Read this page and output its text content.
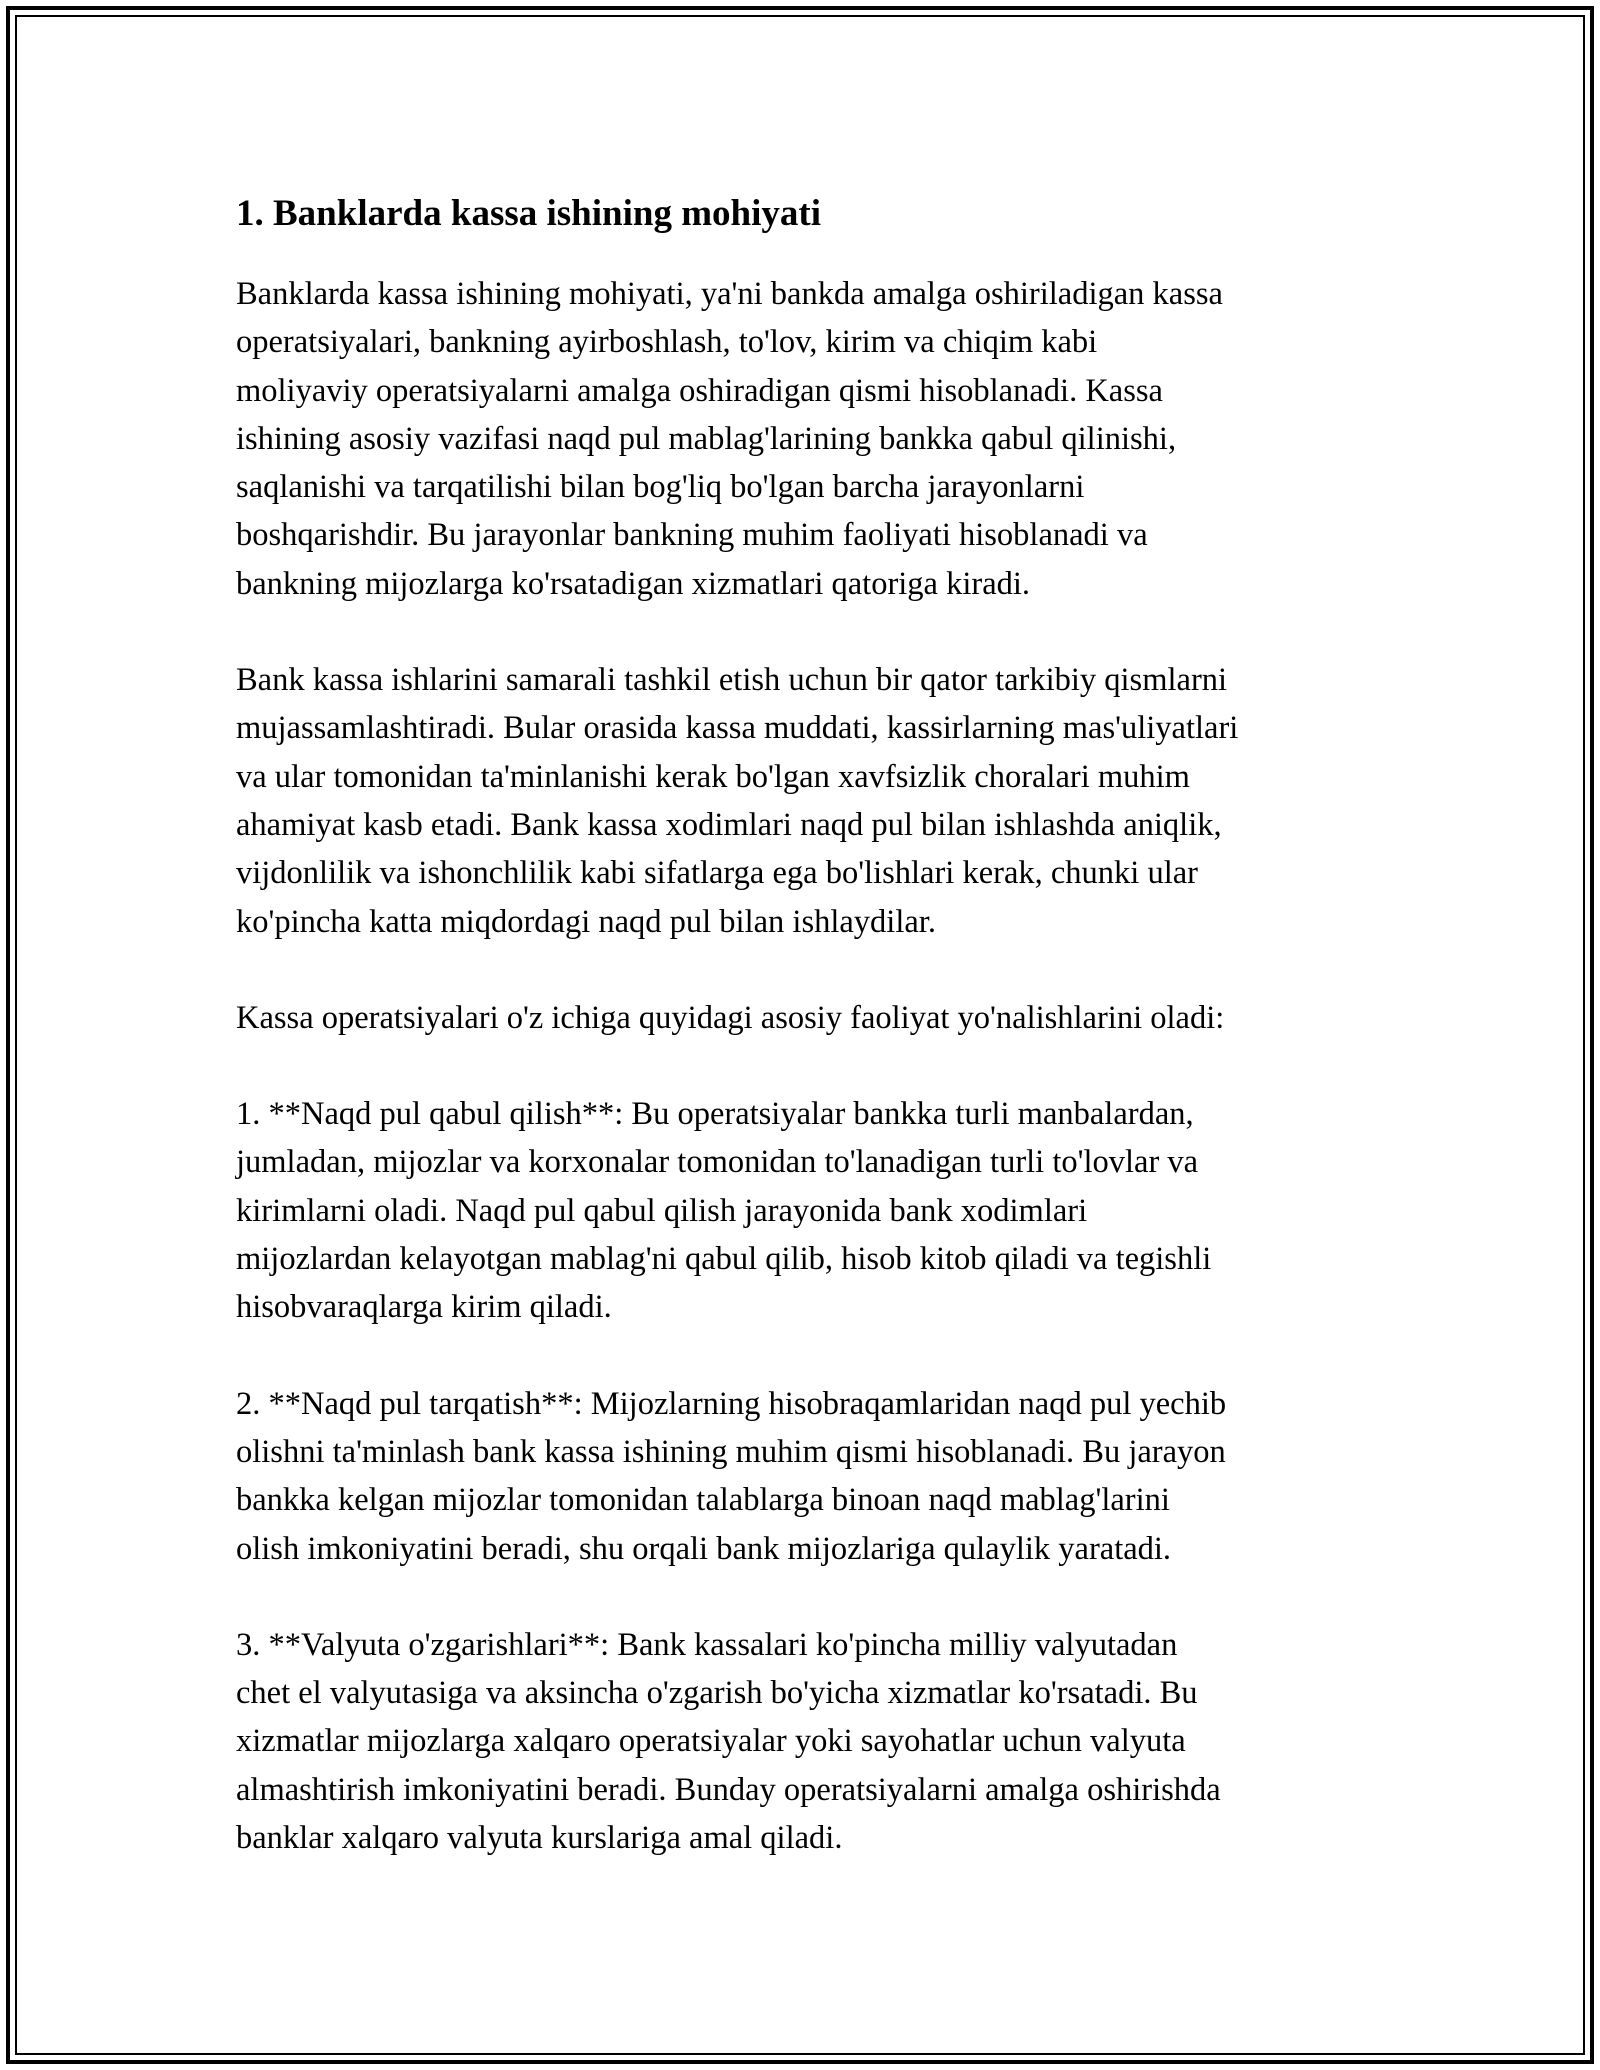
1. Banklarda kassa ishining mohiyati

Banklarda kassa ishining mohiyati, ya'ni bankda amalga oshiriladigan kassa
operatsiyalari, bankning ayirboshlash, to'lov, kirim va chiqim kabi
moliyaviy operatsiyalarni amalga oshiradigan qismi hisoblanadi. Kassa
ishining asosiy vazifasi naqd pul mablag'larining bankka qabul qilinishi,
saqlanishi va tarqatilishi bilan bog'liq bo'lgan barcha jarayonlarni
boshqarishdir. Bu jarayonlar bankning muhim faoliyati hisoblanadi va
bankning mijozlarga ko'rsatadigan xizmatlari qatoriga kiradi.

Bank kassa ishlarini samarali tashkil etish uchun bir qator tarkibiy qismlarni
mujassamlashtiradi. Bular orasida kassa muddati, kassirlarning mas'uliyatlari
va ular tomonidan ta'minlanishi kerak bo'lgan xavfsizlik choralari muhim
ahamiyat kasb etadi. Bank kassa xodimlari naqd pul bilan ishlashda aniqlik,
vijdonlilik va ishonchlilik kabi sifatlarga ega bo'lishlari kerak, chunki ular
ko'pincha katta miqdordagi naqd pul bilan ishlaydilar.

Kassa operatsiyalari o'z ichiga quyidagi asosiy faoliyat yo'nalishlarini oladi:

1. **Naqd pul qabul qilish**: Bu operatsiyalar bankka turli manbalardan,
jumladan, mijozlar va korxonalar tomonidan to'lanadigan turli to'lovlar va
kirimlarni oladi. Naqd pul qabul qilish jarayonida bank xodimlari
mijozlardan kelayotgan mablag'ni qabul qilib, hisob kitob qiladi va tegishli
hisobvaraqlarga kirim qiladi.

2. **Naqd pul tarqatish**: Mijozlarning hisobraqamlaridan naqd pul yechib
olishni ta'minlash bank kassa ishining muhim qismi hisoblanadi. Bu jarayon
bankka kelgan mijozlar tomonidan talablarga binoan naqd mablag'larini
olish imkoniyatini beradi, shu orqali bank mijozlariga qulaylik yaratadi.

3. **Valyuta o'zgarishlari**: Bank kassalari ko'pincha milliy valyutadan
chet el valyutasiga va aksincha o'zgarish bo'yicha xizmatlar ko'rsatadi. Bu
xizmatlar mijozlarga xalqaro operatsiyalar yoki sayohatlar uchun valyuta
almashtirish imkoniyatini beradi. Bunday operatsiyalarni amalga oshirishda
banklar xalqaro valyuta kurslariga amal qiladi.
